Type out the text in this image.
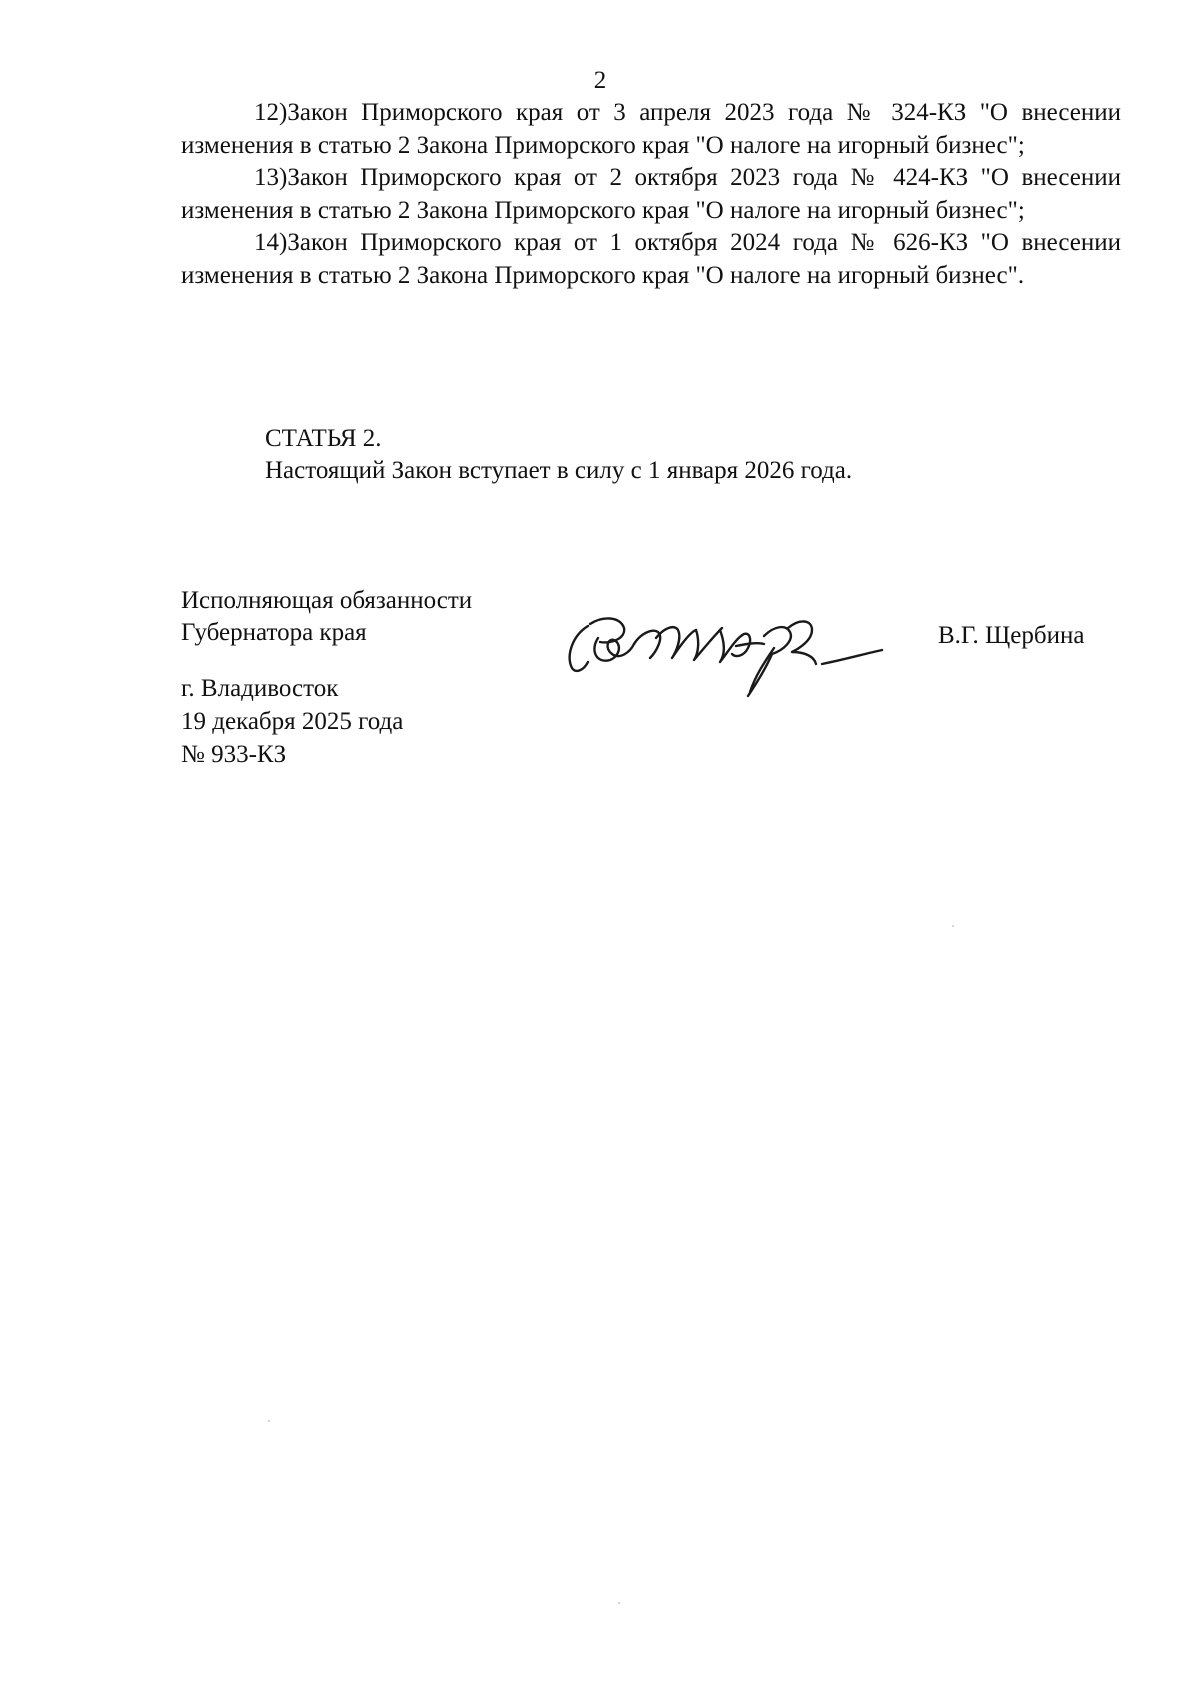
2

12)Закон Приморского края от 3 апреля 2023 года № 324-КЗ "О внесении изменения в статью 2 Закона Приморского края "О налоге на игорный бизнес";

13)Закон Приморского края от 2 октября 2023 года № 424-КЗ "О внесении изменения в статью 2 Закона Приморского края "О налоге на игорный бизнес";

14)Закон Приморского края от 1 октября 2024 года № 626-КЗ "О внесении изменения в статью 2 Закона Приморского края "О налоге на игорный бизнес".

СТАТЬЯ 2.
Настоящий Закон вступает в силу с 1 января 2026 года.
Исполняющая обязанности
Губернатора края	В.Г. Щербина
г. Владивосток
19 декабря 2025 года
№ 933-КЗ
